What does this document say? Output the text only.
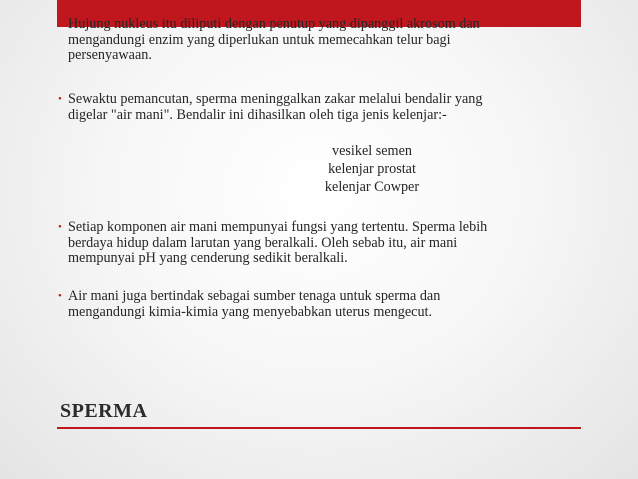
• Hujung nukleus itu diliputi dengan penutup yang dipanggil akrosom dan
mengandungi enzim yang diperlukan untuk memecahkan telur bagi
persenyawaan.
• Sewaktu pemancutan, sperma meninggalkan zakar melalui bendalir yang
digelar "air mani". Bendalir ini dihasilkan oleh tiga jenis kelenjar:-
vesikel semen
kelenjar prostat
kelenjar Cowper
• Setiap komponen air mani mempunyai fungsi yang tertentu. Sperma lebih
berdaya hidup dalam larutan yang beralkali. Oleh sebab itu, air mani
mempunyai pH yang cenderung sedikit beralkali.
• Air mani juga bertindak sebagai sumber tenaga untuk sperma dan
mengandungi kimia-kimia yang menyebabkan uterus mengecut.
SPERMA
